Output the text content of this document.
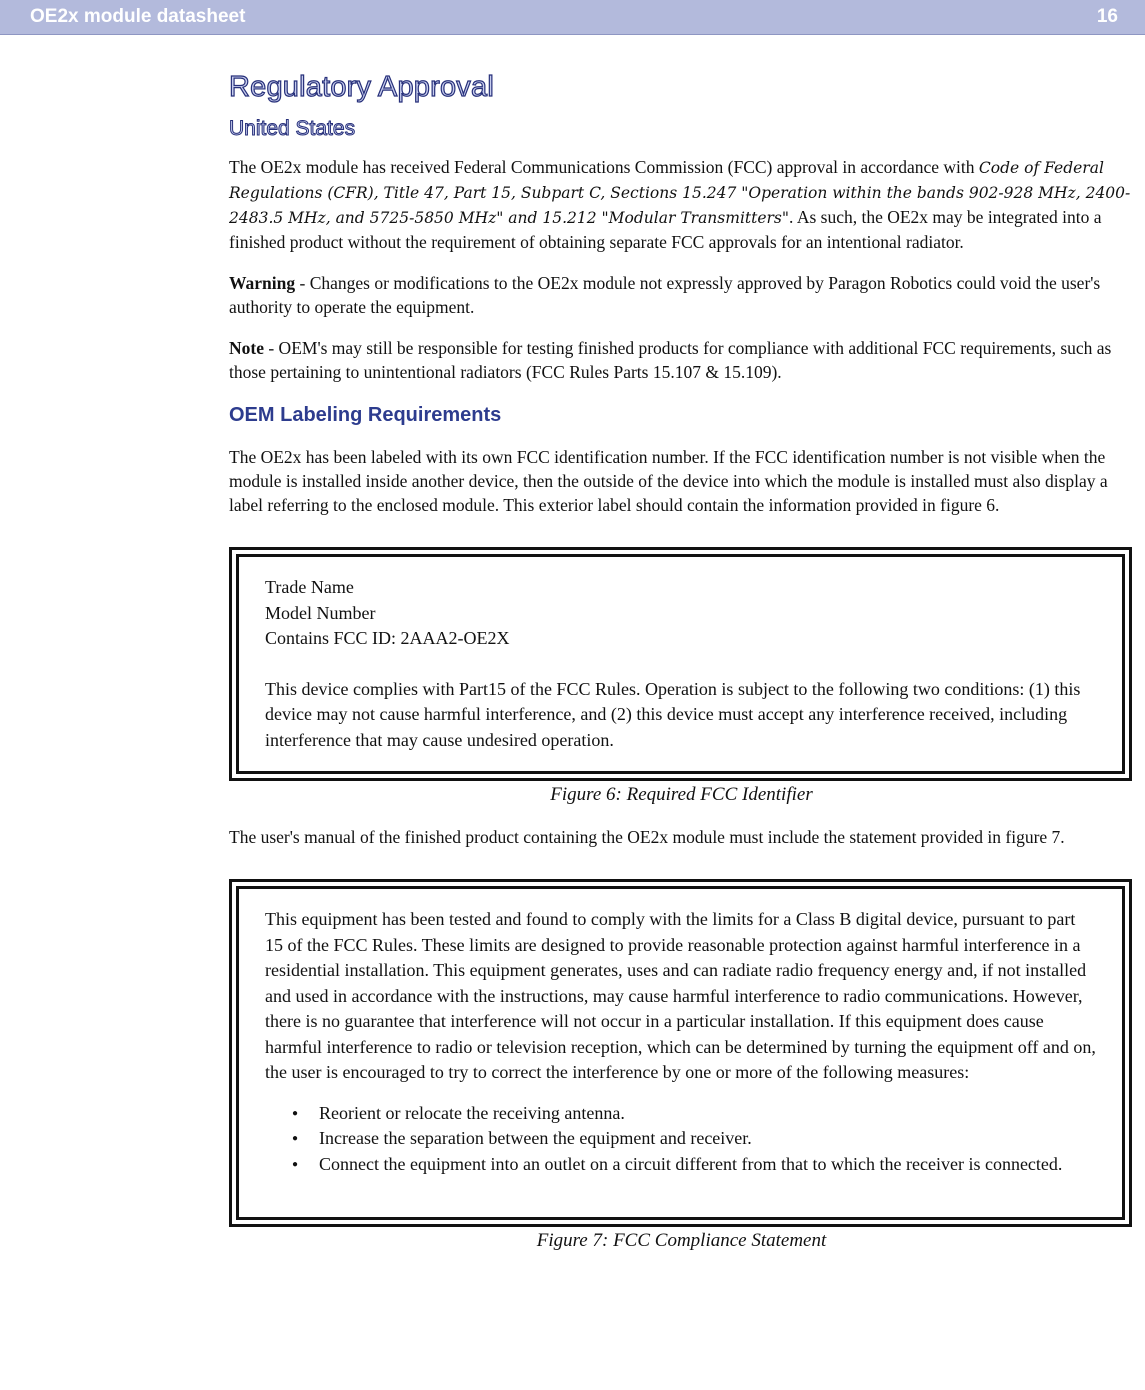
OE2x module datasheet	16
Regulatory Approval
United States

The OE2x module has received Federal Communications Commission (FCC) approval in accordance with Code of Federal Regulations (CFR), Title 47, Part 15, Subpart C, Sections 15.247 "Operation within the bands 902-928 MHz, 2400-2483.5 MHz, and 5725-5850 MHz" and 15.212 "Modular Transmitters". As such, the OE2x may be integrated into a finished product without the requirement of obtaining separate FCC approvals for an intentional radiator.

Warning - Changes or modifications to the OE2x module not expressly approved by Paragon Robotics could void the user's authority to operate the equipment.

Note - OEM's may still be responsible for testing finished products for compliance with additional FCC requirements, such as those pertaining to unintentional radiators (FCC Rules Parts 15.107 & 15.109).

OEM Labeling Requirements

The OE2x has been labeled with its own FCC identification number. If the FCC identification number is not visible when the module is installed inside another device, then the outside of the device into which the module is installed must also display a label referring to the enclosed module. This exterior label should contain the information provided in figure 6.

Trade Name
Model Number
Contains FCC ID: 2AAA2-OE2X
This device complies with Part15 of the FCC Rules. Operation is subject to the following two conditions: (1) this device may not cause harmful interference, and (2) this device must accept any interference received, including interference that may cause undesired operation.

Figure 6: Required FCC Identifier

The user's manual of the finished product containing the OE2x module must include the statement provided in figure 7.

This equipment has been tested and found to comply with the limits for a Class B digital device, pursuant to part 15 of the FCC Rules. These limits are designed to provide reasonable protection against harmful interference in a residential installation. This equipment generates, uses and can radiate radio frequency energy and, if not installed and used in accordance with the instructions, may cause harmful interference to radio communications. However, there is no guarantee that interference will not occur in a particular installation. If this equipment does cause harmful interference to radio or television reception, which can be determined by turning the equipment off and on, the user is encouraged to try to correct the interference by one or more of the following measures:
● Reorient or relocate the receiving antenna.
● Increase the separation between the equipment and receiver.
● Connect the equipment into an outlet on a circuit different from that to which the receiver is connected.

Figure 7: FCC Compliance Statement
